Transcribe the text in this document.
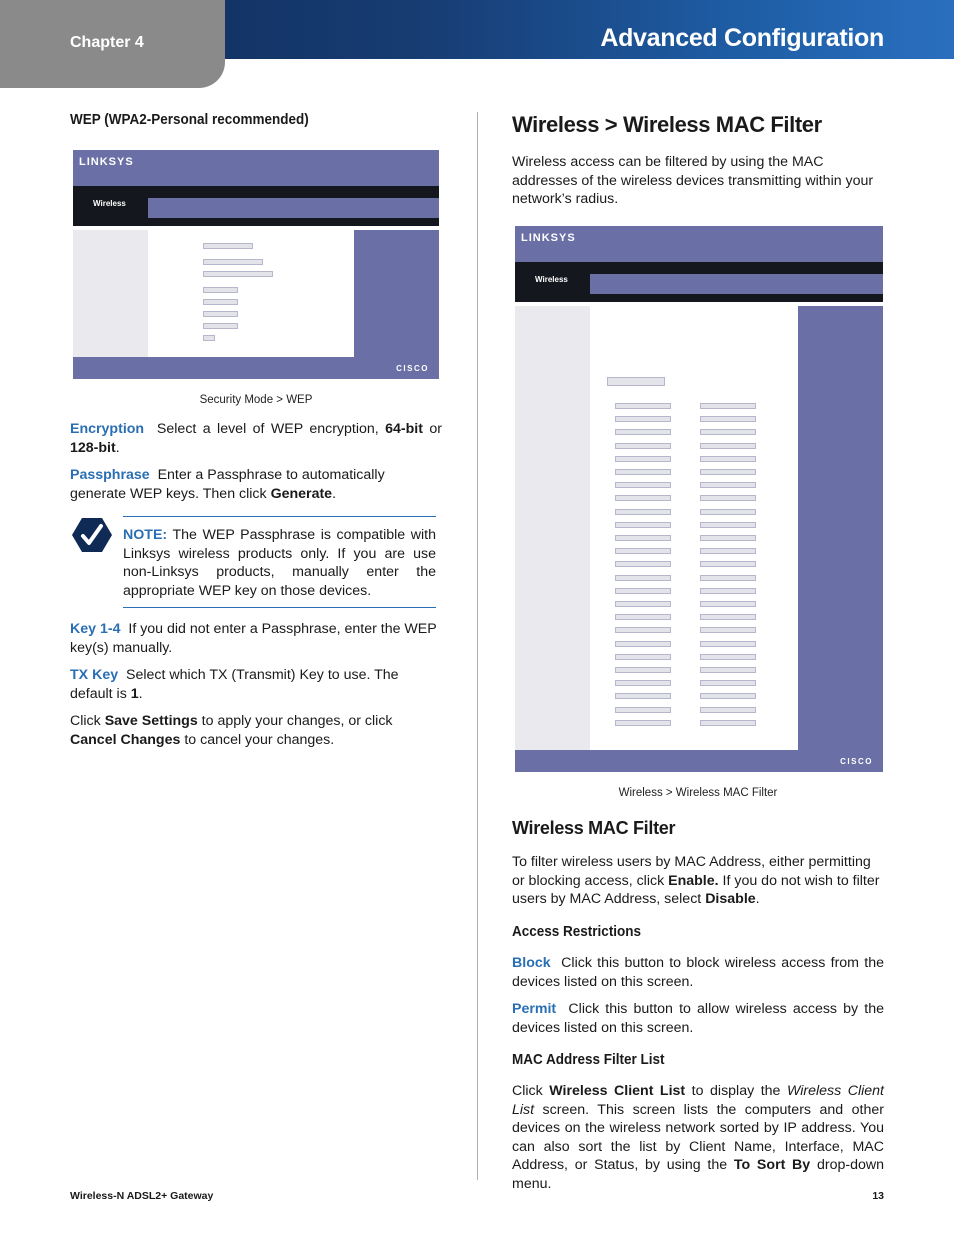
Chapter 4	Advanced Configuration
WEP (WPA2-Personal recommended)
LINKSYS
Wireless
CISCO
Security Mode > WEP

Encryption Select a level of WEP encryption, 64-bit or 128-bit.

Passphrase Enter a Passphrase to automatically generate WEP keys. Then click Generate.

NOTE: The WEP Passphrase is compatible with Linksys wireless products only. If you are use non-Linksys products, manually enter the appropriate WEP key on those devices.

Key 1-4 If you did not enter a Passphrase, enter the WEP key(s) manually.

TX Key Select which TX (Transmit) Key to use. The default is 1.

Click Save Settings to apply your changes, or click Cancel Changes to cancel your changes.

Wireless > Wireless MAC Filter
Wireless access can be filtered by using the MAC addresses of the wireless devices transmitting within your network’s radius.
LINKSYS
Wireless
CISCO
Wireless > Wireless MAC Filter
Wireless MAC Filter

To filter wireless users by MAC Address, either permitting or blocking access, click Enable. If you do not wish to filter users by MAC Address, select Disable.

Access Restrictions

Block Click this button to block wireless access from the devices listed on this screen.

Permit Click this button to allow wireless access by the devices listed on this screen.

MAC Address Filter List

Click Wireless Client List to display the Wireless Client List screen. This screen lists the computers and other devices on the wireless network sorted by IP address. You can also sort the list by Client Name, Interface, MAC Address, or Status, by using the To Sort By drop-down menu.

Wireless-N ADSL2+ Gateway	13
